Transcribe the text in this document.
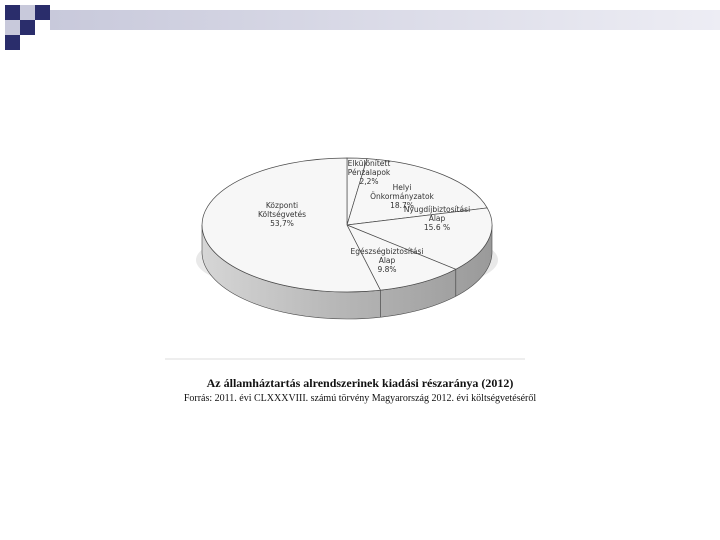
Elkülönített
Pénzalapok
2,2%
Helyi
Önkormányzatok
18.7%
Nyugdíjbiztosítási
Alap
15.6 %
Egészségbiztosítási
Alap
9.8%
Központi
Költségvetés
53,7%
Az államháztartás alrendszerinek kiadási részaránya (2012)
Forrás: 2011. évi CLXXXVIII. számú törvény Magyarország 2012. évi költségvetéséről
